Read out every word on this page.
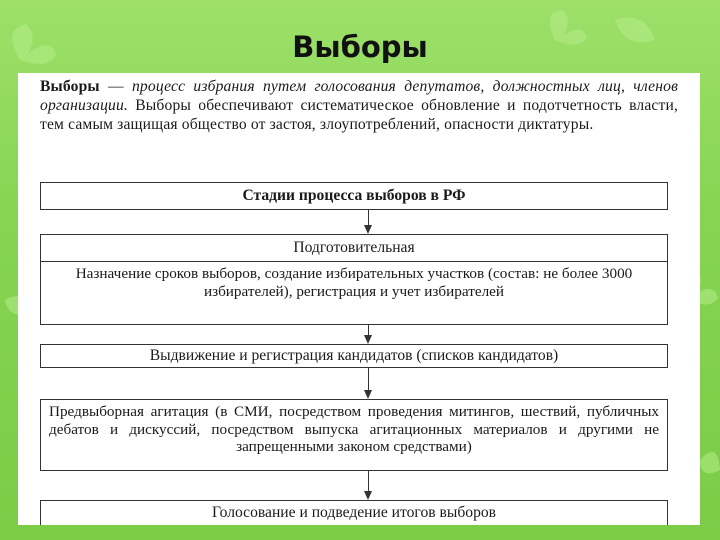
Выборы
Выборы — процесс избрания путем голосования депутатов, должностных лиц, членов организации. Выборы обеспечивают систематическое обновление и подотчетность власти, тем самым защищая общество от застоя, злоупотреблений, опасности диктатуры.
Стадии процесса выборов в РФ
Подготовительная
Назначение сроков выборов, создание избирательных участков (состав: не более 3000 избирателей), регистрация и учет избирателей
Выдвижение и регистрация кандидатов (списков кандидатов)
Предвыборная агитация (в СМИ, посредством проведения митингов, шествий, публичных дебатов и дискуссий, посредством выпуска агитационных материалов и другими не запрещенными законом средствами)
Голосование и подведение итогов выборов
